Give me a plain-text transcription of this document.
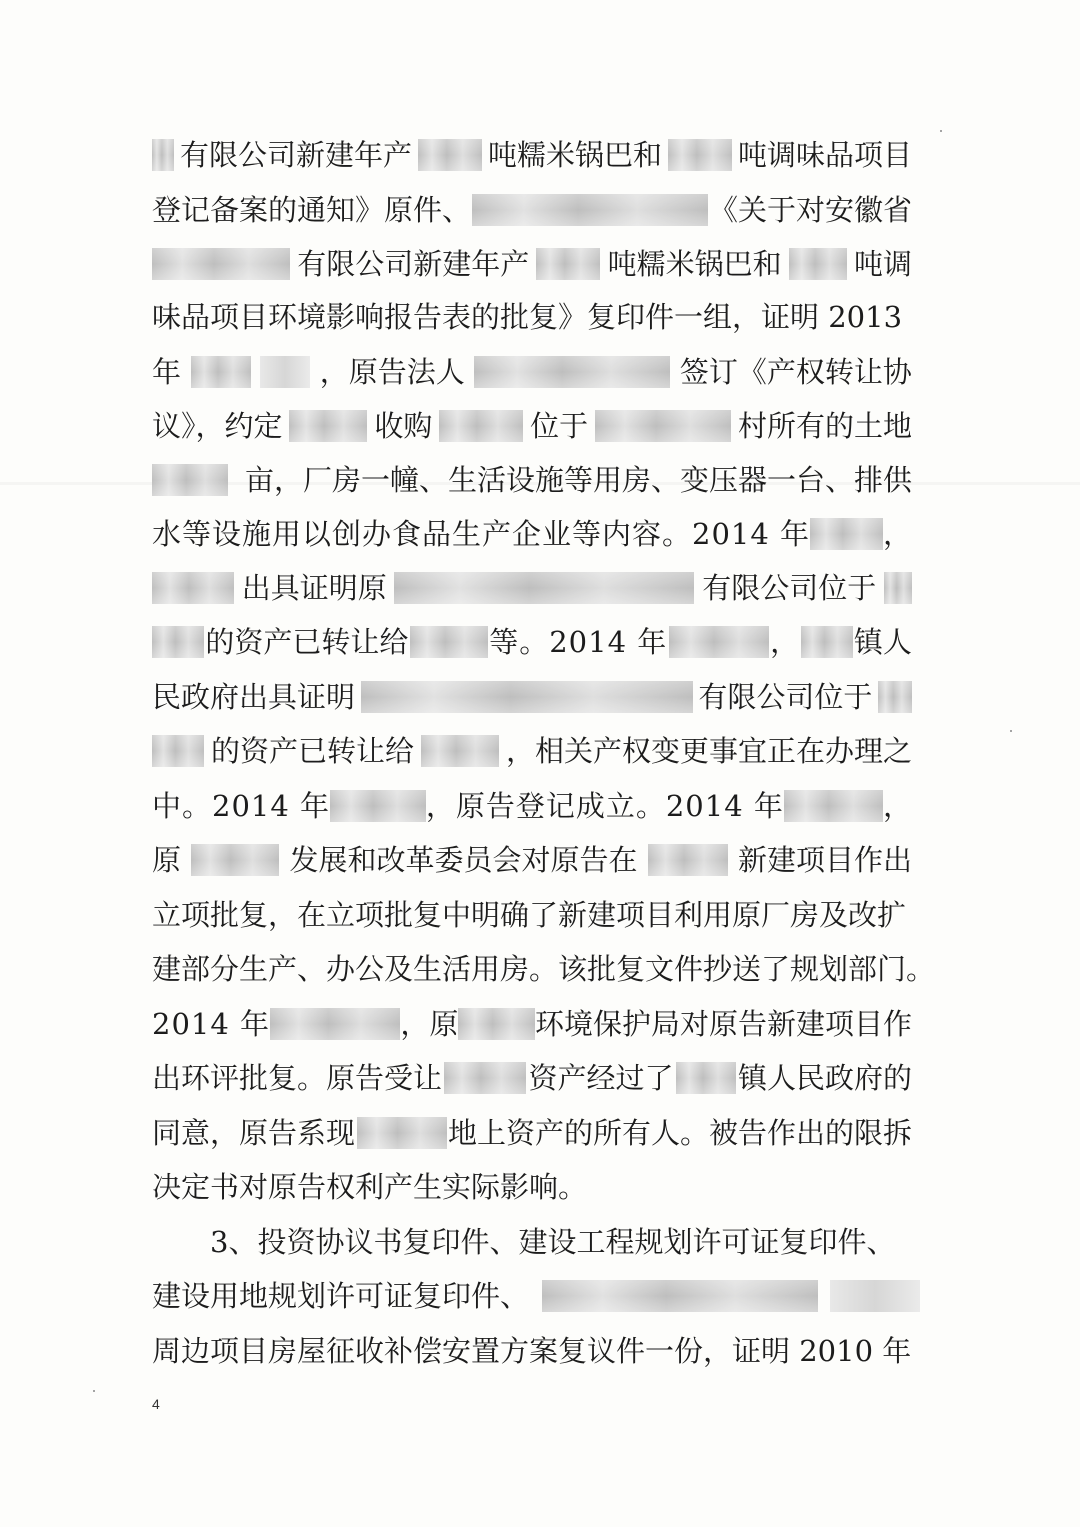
有限公司新建年产	吨糯米锅巴和	吨调味品项目
登记备案的通知》原件、	《关于对安徽省
有限公司新建年产	吨糯米锅巴和 吨调
味品项目环境影响报告表的批复》复印件一组，证明 2013
年	，原告法人	签订《产权转让协
议》，约定	收购	位于	村所有的土地
亩，厂房一幢、生活设施等用房、变压器一台、排供
水等设施用以创办食品生产企业等内容。2014 年	，
出具证明原	有限公司位于
的资产已转让给	等。2014 年	， 镇人
民政府出具证明	有限公司位于
的资产已转让给	，相关产权变更事宜正在办理之
中。2014 年	，原告登记成立。2014 年	，
原	发展和改革委员会对原告在	新建项目作出
立项批复，在立项批复中明确了新建项目利用原厂房及改扩
建部分生产、办公及生活用房。该批复文件抄送了规划部门。
2014 年	，原	环境保护局对原告新建项目作
出环评批复。原告受让	资产经过了 镇人民政府的
同意，原告系现	地上资产的所有人。被告作出的限拆
决定书对原告权利产生实际影响。
3、投资协议书复印件、建设工程规划许可证复印件、
建设用地规划许可证复印件、
周边项目房屋征收补偿安置方案复议件一份，证明 2010 年
4
